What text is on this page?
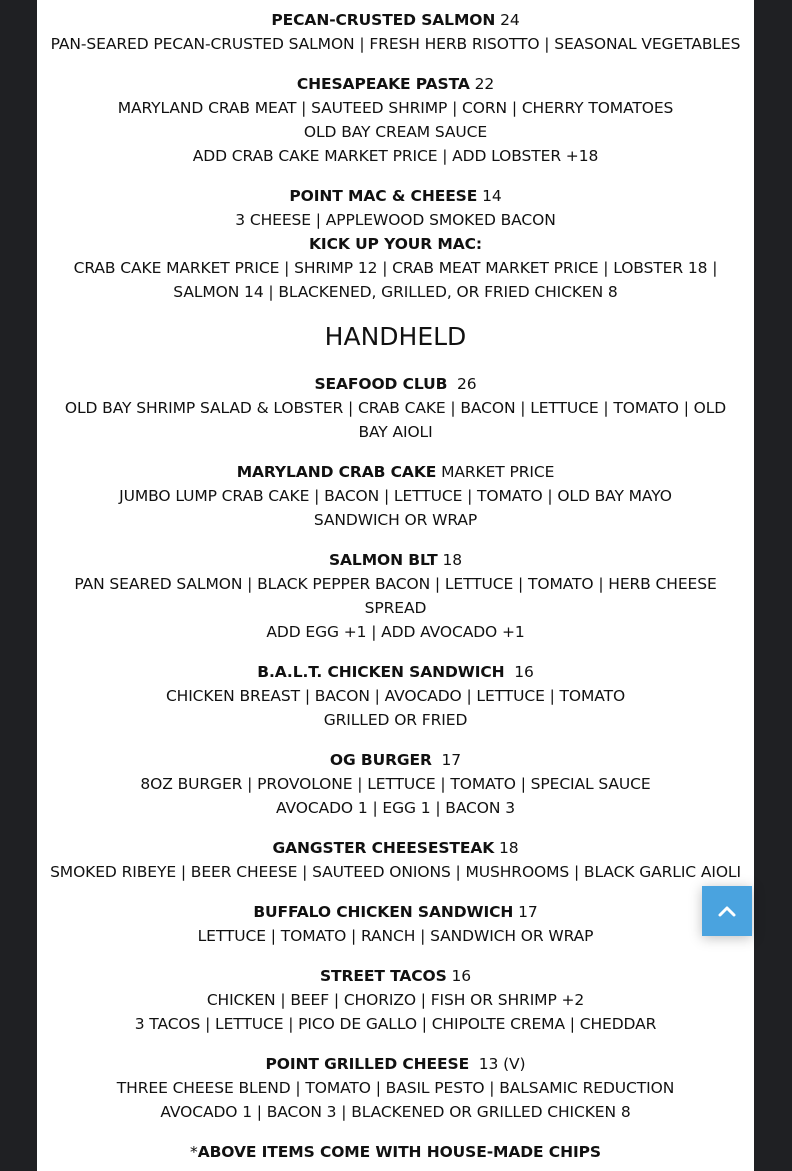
PECAN-CRUSTED SALMON 24
PAN-SEARED PECAN-CRUSTED SALMON | FRESH HERB RISOTTO | SEASONAL VEGETABLES
CHESAPEAKE PASTA 22
MARYLAND CRAB MEAT | SAUTEED SHRIMP | CORN | CHERRY TOMATOES
OLD BAY CREAM SAUCE
ADD CRAB CAKE MARKET PRICE | ADD LOBSTER +18
POINT MAC & CHEESE 14
3 CHEESE | APPLEWOOD SMOKED BACON
KICK UP YOUR MAC:
CRAB CAKE MARKET PRICE | SHRIMP 12 | CRAB MEAT MARKET PRICE | LOBSTER 18 |
SALMON 14 | BLACKENED, GRILLED, OR FRIED CHICKEN 8
HANDHELD
SEAFOOD CLUB 26
OLD BAY SHRIMP SALAD & LOBSTER | CRAB CAKE | BACON | LETTUCE | TOMATO | OLD
BAY AIOLI
MARYLAND CRAB CAKE MARKET PRICE
JUMBO LUMP CRAB CAKE | BACON | LETTUCE | TOMATO | OLD BAY MAYO
SANDWICH OR WRAP
SALMON BLT 18
PAN SEARED SALMON | BLACK PEPPER BACON | LETTUCE | TOMATO | HERB CHEESE
SPREAD
ADD EGG +1 | ADD AVOCADO +1
B.A.L.T. CHICKEN SANDWICH 16
CHICKEN BREAST | BACON | AVOCADO | LETTUCE | TOMATO
GRILLED OR FRIED
OG BURGER 17
8OZ BURGER | PROVOLONE | LETTUCE | TOMATO | SPECIAL SAUCE
AVOCADO 1 | EGG 1 | BACON 3
GANGSTER CHEESESTEAK 18
SMOKED RIBEYE | BEER CHEESE | SAUTEED ONIONS | MUSHROOMS | BLACK GARLIC AIOLI
BUFFALO CHICKEN SANDWICH 17
LETTUCE | TOMATO | RANCH | SANDWICH OR WRAP
STREET TACOS 16
CHICKEN | BEEF | CHORIZO | FISH OR SHRIMP +2
3 TACOS | LETTUCE | PICO DE GALLO | CHIPOLTE CREMA | CHEDDAR
POINT GRILLED CHEESE 13 (V)
THREE CHEESE BLEND | TOMATO | BASIL PESTO | BALSAMIC REDUCTION
AVOCADO 1 | BACON 3 | BLACKENED OR GRILLED CHICKEN 8
*ABOVE ITEMS COME WITH HOUSE-MADE CHIPS
